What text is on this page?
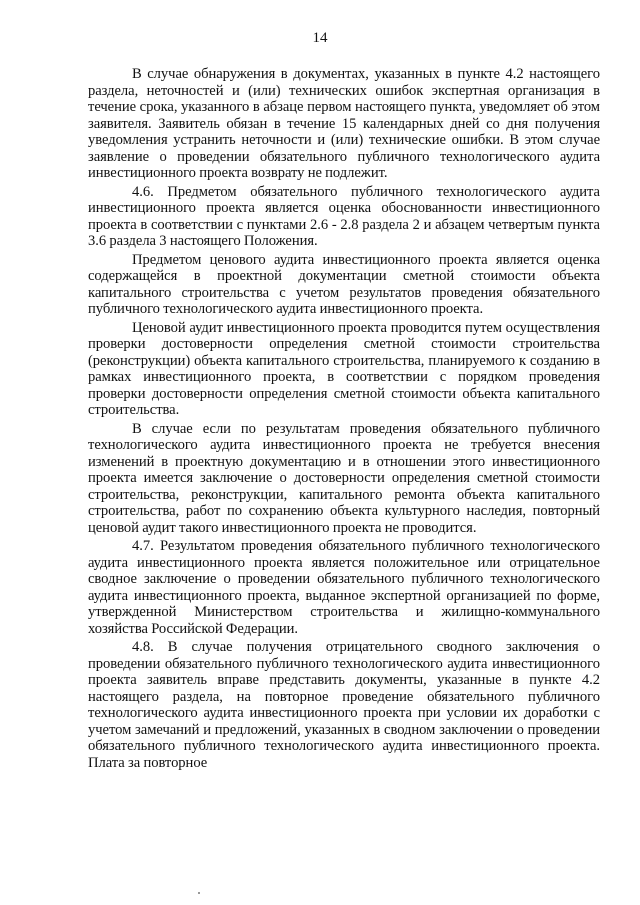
14

В случае обнаружения в документах, указанных в пункте 4.2 настоящего раздела, неточностей и (или) технических ошибок экспертная организация в течение срока, указанного в абзаце первом настоящего пункта, уведомляет об этом заявителя. Заявитель обязан в течение 15 календарных дней со дня получения уведомления устранить неточности и (или) технические ошибки. В этом случае заявление о проведении обязательного публичного технологического аудита инвестиционного проекта возврату не подлежит.

4.6. Предметом обязательного публичного технологического аудита инвестиционного проекта является оценка обоснованности инвестиционного проекта в соответствии с пунктами 2.6 - 2.8 раздела 2 и абзацем четвертым пункта 3.6 раздела 3 настоящего Положения.

Предметом ценового аудита инвестиционного проекта является оценка содержащейся в проектной документации сметной стоимости объекта капитального строительства с учетом результатов проведения обязательного публичного технологического аудита инвестиционного проекта.

Ценовой аудит инвестиционного проекта проводится путем осуществления проверки достоверности определения сметной стоимости строительства (реконструкции) объекта капитального строительства, планируемого к созданию в рамках инвестиционного проекта, в соответствии с порядком проведения проверки достоверности определения сметной стоимости объекта капитального строительства.

В случае если по результатам проведения обязательного публичного технологического аудита инвестиционного проекта не требуется внесения изменений в проектную документацию и в отношении этого инвестиционного проекта имеется заключение о достоверности определения сметной стоимости строительства, реконструкции, капитального ремонта объекта капитального строительства, работ по сохранению объекта культурного наследия, повторный ценовой аудит такого инвестиционного проекта не проводится.

4.7. Результатом проведения обязательного публичного технологического аудита инвестиционного проекта является положительное или отрицательное сводное заключение о проведении обязательного публичного технологического аудита инвестиционного проекта, выданное экспертной организацией по форме, утвержденной Министерством строительства и жилищно-коммунального хозяйства Российской Федерации.

4.8. В случае получения отрицательного сводного заключения о проведении обязательного публичного технологического аудита инвестиционного проекта заявитель вправе представить документы, указанные в пункте 4.2 настоящего раздела, на повторное проведение обязательного публичного технологического аудита инвестиционного проекта при условии их доработки с учетом замечаний и предложений, указанных в сводном заключении о проведении обязательного публичного технологического аудита инвестиционного проекта. Плата за повторное
